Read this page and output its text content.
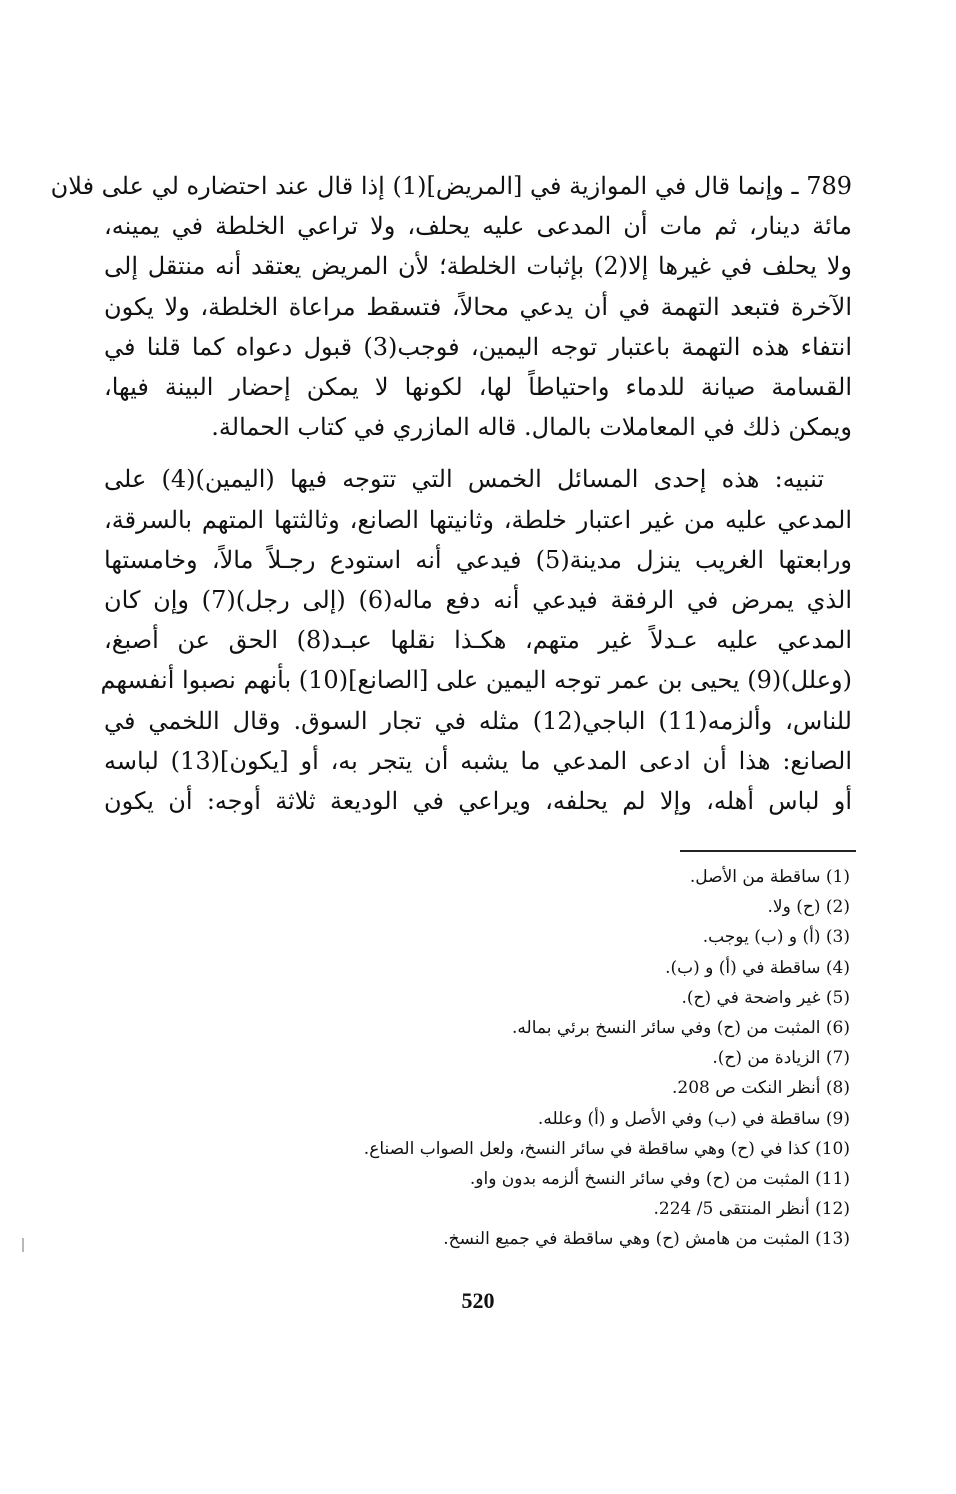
789 ـ وإنما قال في الموازية في [المريض](1) إذا قال عند احتضاره لي على فلان
مائة دينار، ثم مات أن المدعى عليه يحلف، ولا تراعي الخلطة في يمينه،
ولا يحلف في غيرها إلا(2) بإثبات الخلطة؛ لأن المريض يعتقد أنه منتقل إلى
الآخرة فتبعد التهمة في أن يدعي محالاً، فتسقط مراعاة الخلطة، ولا يكون
انتفاء هذه التهمة باعتبار توجه اليمين، فوجب(3) قبول دعواه كما قلنا في
القسامة صيانة للدماء واحتياطاً لها، لكونها لا يمكن إحضار البينة فيها،
ويمكن ذلك في المعاملات بالمال. قاله المازري في كتاب الحمالة.
تنبيه: هذه إحدى المسائل الخمس التي تتوجه فيها (اليمين)(4) على
المدعي عليه من غير اعتبار خلطة، وثانيتها الصانع، وثالثتها المتهم بالسرقة،
ورابعتها الغريب ينزل مدينة(5) فيدعي أنه استودع رجـلاً مالاً، وخامستها
الذي يمرض في الرفقة فيدعي أنه دفع ماله(6) (إلى رجل)(7) وإن كان
المدعي عليه عـدلاً غير متهم، هكـذا نقلها عبـد(8) الحق عن أصبغ،
(وعلل)(9) يحيى بن عمر توجه اليمين على [الصانع](10) بأنهم نصبوا أنفسهم
للناس، وألزمه(11) الباجي(12) مثله في تجار السوق. وقال اللخمي في
الصانع: هذا أن ادعى المدعي ما يشبه أن يتجر به، أو [يكون](13) لباسه
أو لباس أهله، وإلا لم يحلفه، ويراعي في الوديعة ثلاثة أوجه: أن يكون
(1) ساقطة من الأصل.
(2) (ح) ولا.
(3) (أ) و (ب) يوجب.
(4) ساقطة في (أ) و (ب).
(5) غير واضحة في (ح).
(6) المثبت من (ح) وفي سائر النسخ برئي بماله.
(7) الزيادة من (ح).
(8) أنظر النكت ص 208.
(9) ساقطة في (ب) وفي الأصل و (أ) وعلله.
(10) كذا في (ح) وهي ساقطة في سائر النسخ، ولعل الصواب الصناع.
(11) المثبت من (ح) وفي سائر النسخ ألزمه بدون واو.
(12) أنظر المنتقى 5/ 224.
(13) المثبت من هامش (ح) وهي ساقطة في جميع النسخ.
520
